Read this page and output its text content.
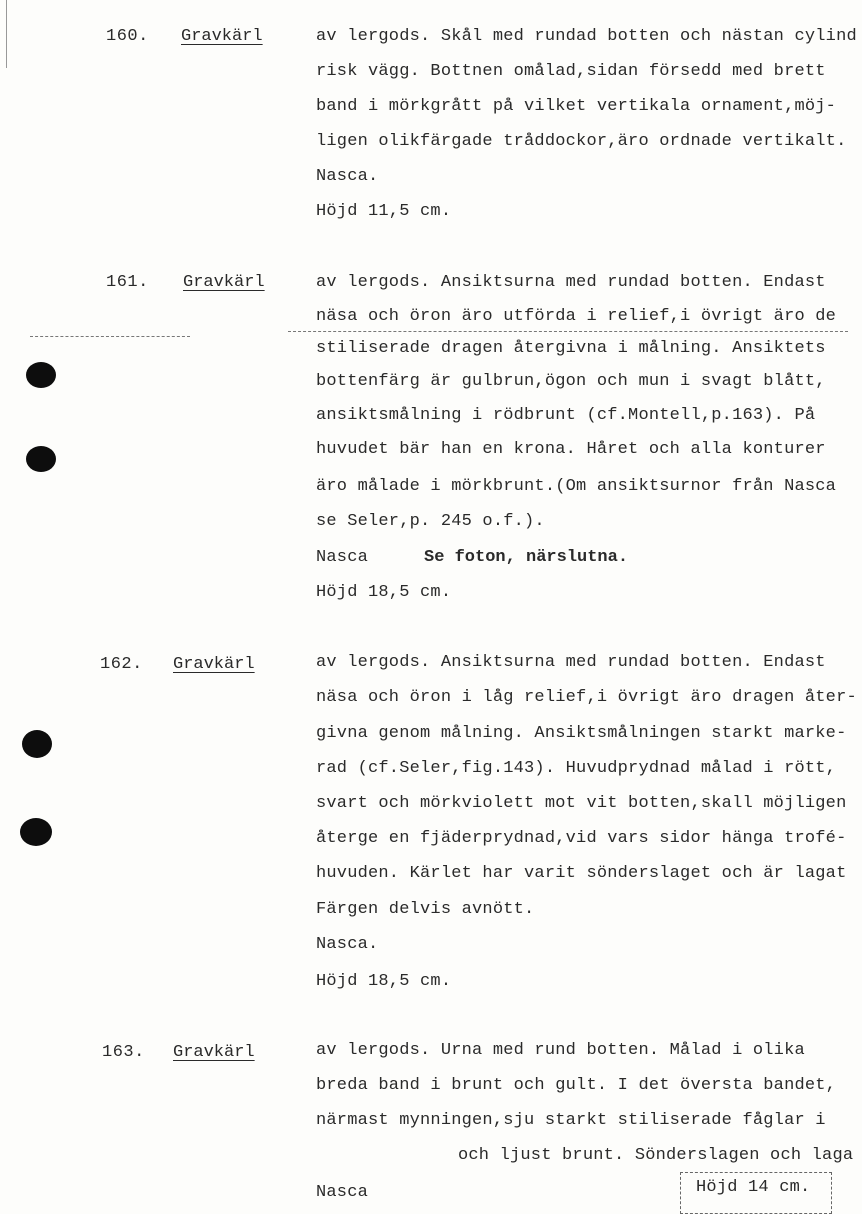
160. Gravkärl	av lergods. Skål med rundad botten och nästan cylind
risk vägg. Bottnen omålad,sidan försedd med brett
band i mörkgrått på vilket vertikala ornament,möj-
ligen olikfärgade tråddockor,äro ordnade vertikalt.
Nasca.
Höjd 11,5 cm.
161. Gravkärl	av lergods. Ansiktsurna med rundad botten. Endast
näsa och öron äro utförda i relief,i övrigt äro de
stiliserade dragen återgivna i målning. Ansiktets
bottenfärg är gulbrun,ögon och mun i svagt blått,
ansiktsmålning i rödbrunt (cf.Montell,p.163). På
huvudet bär han en krona. Håret och alla konturer
äro målade i mörkbrunt.(Om ansiktsurnor från Nasca
se Seler,p. 245 o.f.).
Nasca	Se foton, närslutna.
Höjd 18,5 cm.
162. Gravkärl	av lergods. Ansiktsurna med rundad botten. Endast
näsa och öron i låg relief,i övrigt äro dragen åter-
givna genom målning. Ansiktsmålningen starkt marke-
rad (cf.Seler,fig.143). Huvudprydnad målad i rött,
svart och mörkviolett mot vit botten,skall möjligen
återge en fjäderprydnad,vid vars sidor hänga trofé-
huvuden. Kärlet har varit sönderslaget och är lagat
Färgen delvis avnött.
Nasca.
Höjd 18,5 cm.
163. Gravkärl	av lergods. Urna med rund botten. Målad i olika
breda band i brunt och gult. I det översta bandet,
närmast mynningen,sju starkt stiliserade fåglar i
och ljust brunt. Sönderslagen och laga
Nasca	Höjd 14 cm.
